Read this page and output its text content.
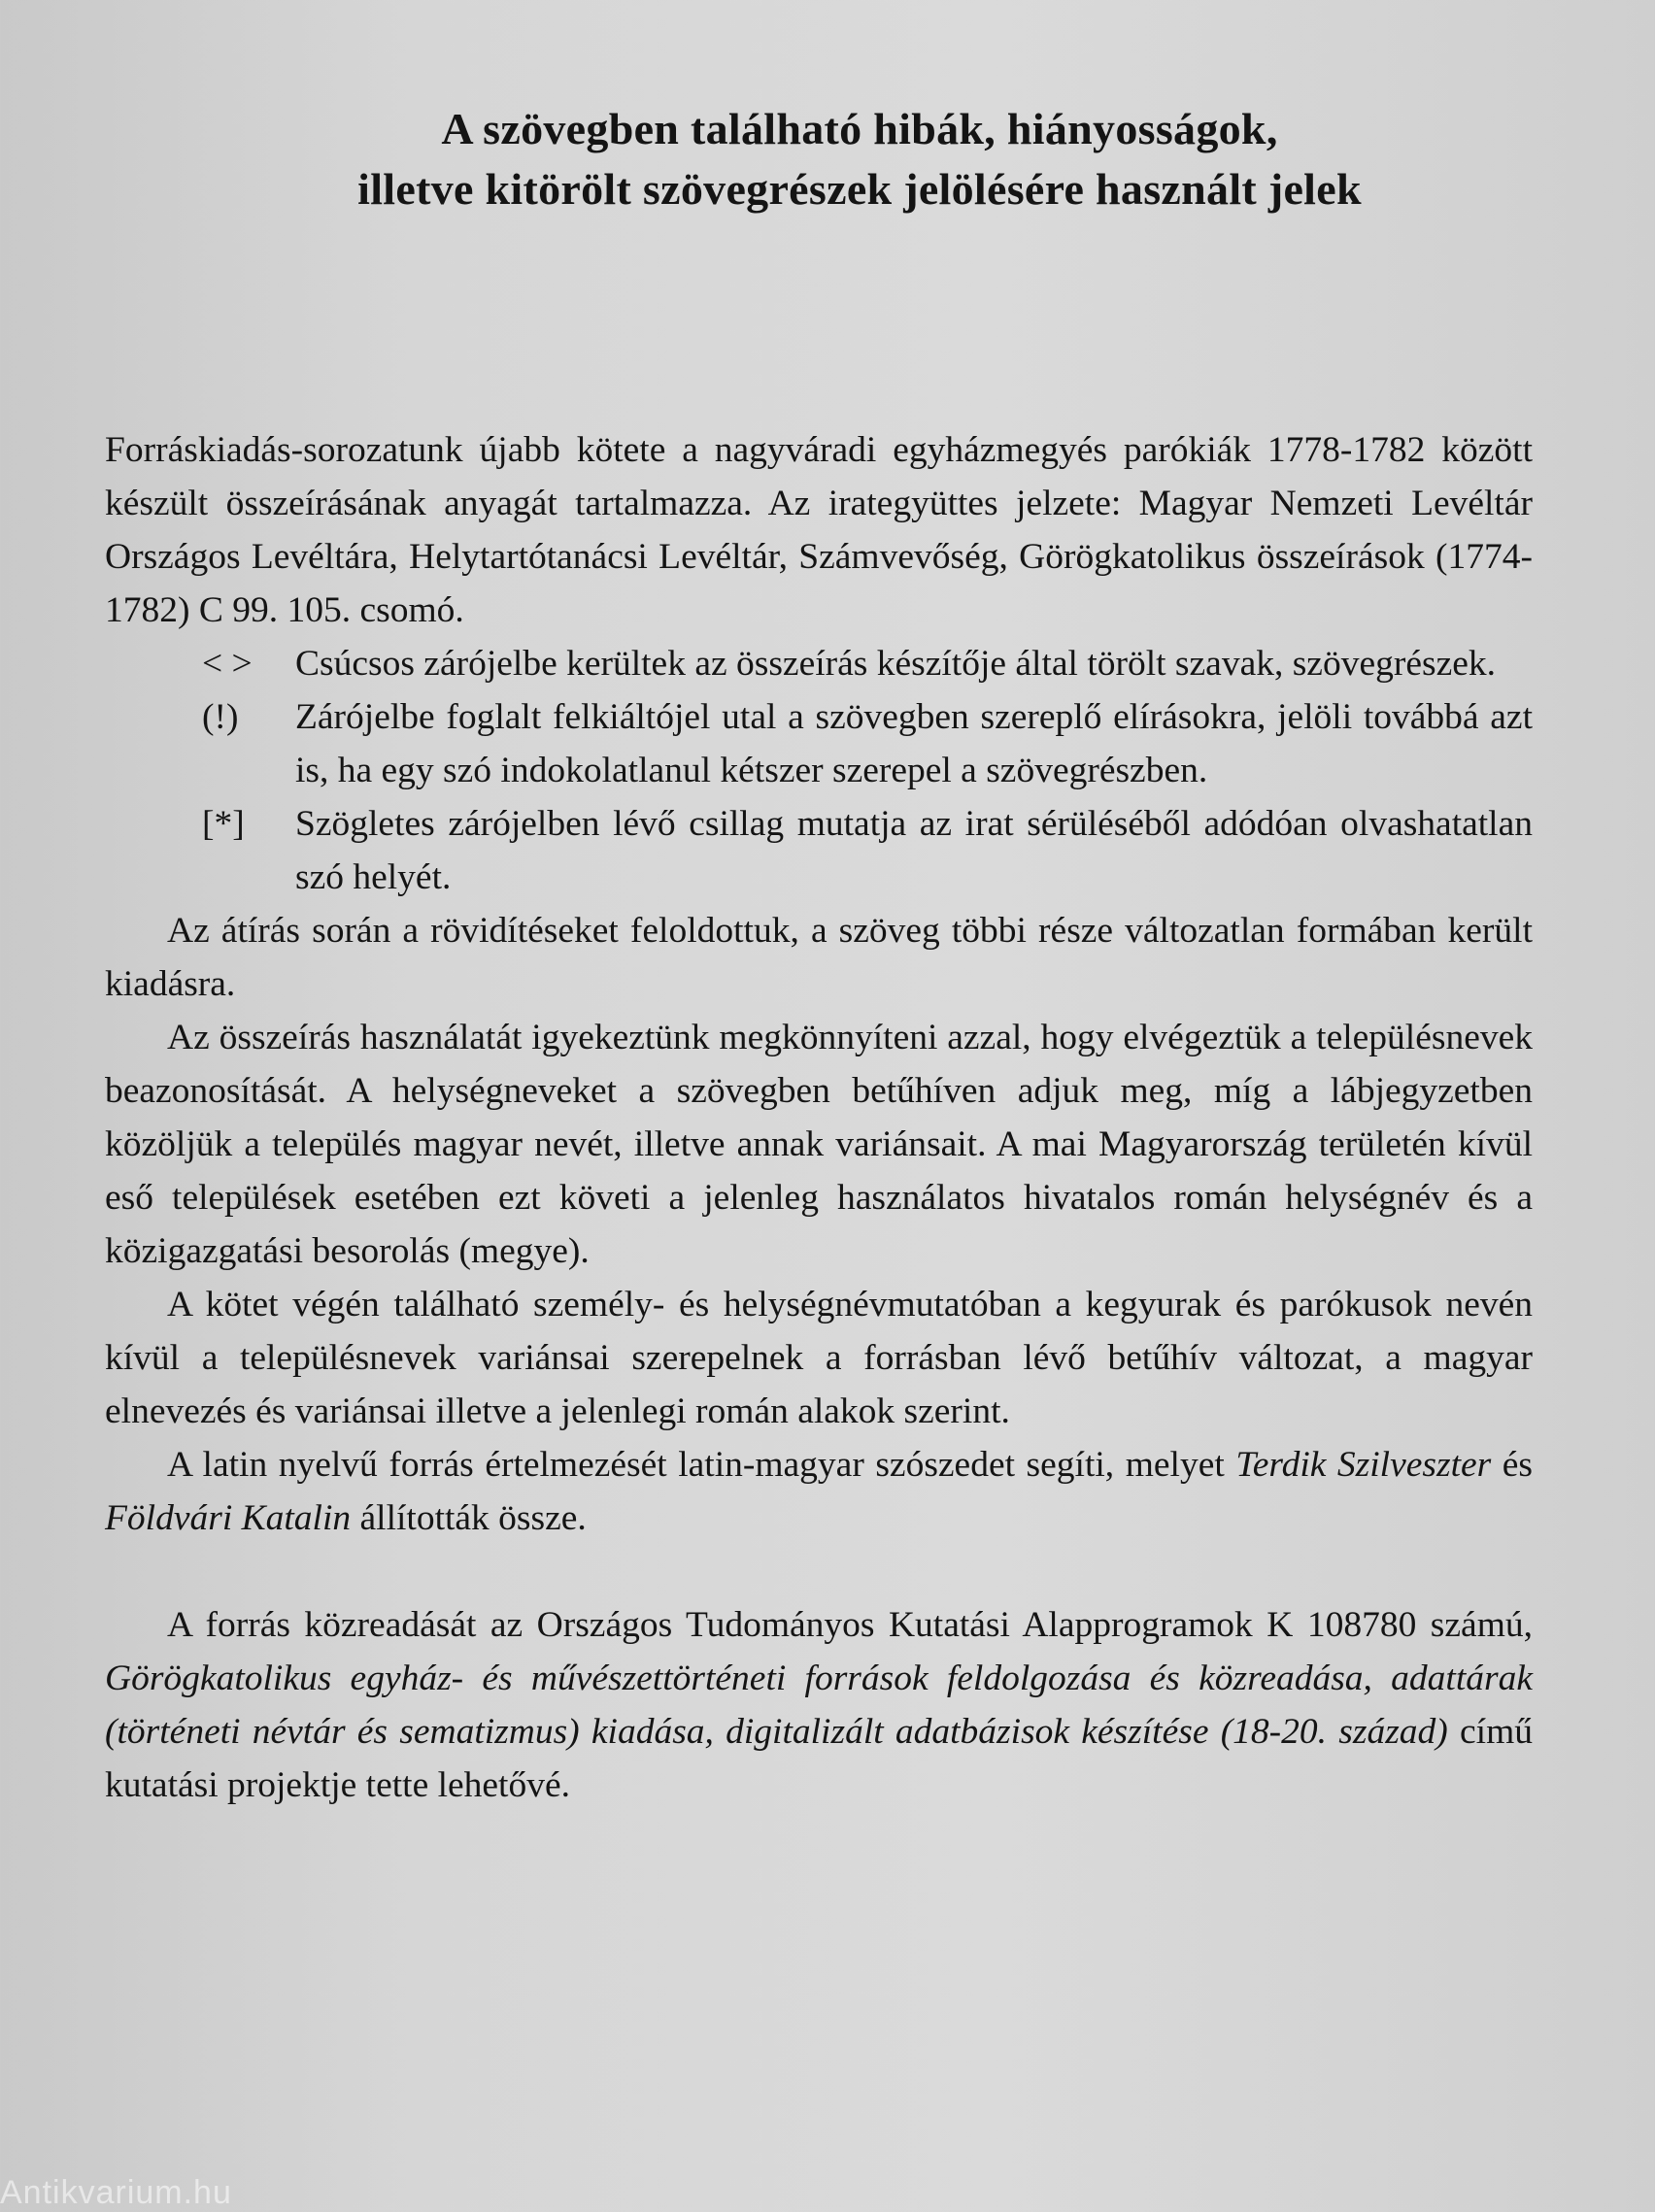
A szövegben található hibák, hiányosságok,
illetve kitörölt szövegrészek jelölésére használt jelek

Forráskiadás-sorozatunk újabb kötete a nagyváradi egyházmegyés parókiák 1778-1782 között készült összeírásának anyagát tartalmazza. Az irategyüttes jelzete: Magyar Nemzeti Levéltár Országos Levéltára, Helytartótanácsi Levéltár, Számvevőség, Görögkatolikus összeírások (1774-1782) C 99. 105. csomó.

< >	Csúcsos zárójelbe kerültek az összeírás készítője által törölt szavak, szövegrészek.
(!)	Zárójelbe foglalt felkiáltójel utal a szövegben szereplő elírásokra, jelöli továbbá azt is, ha egy szó indokolatlanul kétszer szerepel a szövegrészben.
[*]	Szögletes zárójelben lévő csillag mutatja az irat sérüléséből adódóan olvashatatlan szó helyét.

Az átírás során a rövidítéseket feloldottuk, a szöveg többi része változatlan formában került kiadásra.

Az összeírás használatát igyekeztünk megkönnyíteni azzal, hogy elvégeztük a településnevek beazonosítását. A helységneveket a szövegben betűhíven adjuk meg, míg a lábjegyzetben közöljük a település magyar nevét, illetve annak variánsait. A mai Magyarország területén kívül eső települések esetében ezt követi a jelenleg használatos hivatalos román helységnév és a közigazgatási besorolás (megye).

A kötet végén található személy- és helységnévmutatóban a kegyurak és parókusok nevén kívül a településnevek variánsai szerepelnek a forrásban lévő betűhív változat, a magyar elnevezés és variánsai illetve a jelenlegi román alakok szerint.

A latin nyelvű forrás értelmezését latin-magyar szószedet segíti, melyet Terdik Szilveszter és Földvári Katalin állították össze.

A forrás közreadását az Országos Tudományos Kutatási Alapprogramok K 108780 számú, Görögkatolikus egyház- és művészettörténeti források feldolgozása és közreadása, adattárak (történeti névtár és sematizmus) kiadása, digitalizált adatbázisok készítése (18-20. század) című kutatási projektje tette lehetővé.

Antikvarium.hu
